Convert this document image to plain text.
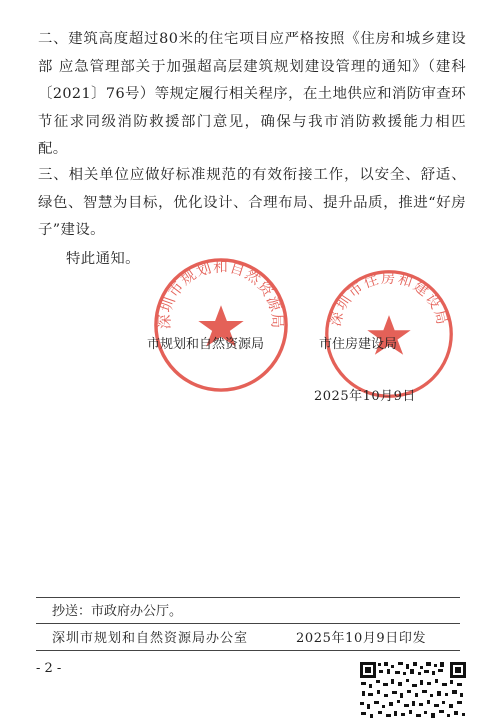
二、建筑高度超过80米的住宅项目应严格按照《住房和城乡建设部 应急管理部关于加强超高层建筑规划建设管理的通知》（建科〔2021〕76号）等规定履行相关程序，在土地供应和消防审查环节征求同级消防救援部门意见，确保与我市消防救援能力相匹配。

三、相关单位应做好标准规范的有效衔接工作，以安全、舒适、绿色、智慧为目标，优化设计、合理布局、提升品质，推进“好房子”建设。

特此通知。

深圳市规划和自然资源局	深圳市住房和建设局
市规划和自然资源局	市住房建设局
2025年10月9日
抄送：市政府办公厅。
深圳市规划和自然资源局办公室	2025年10月9日印发
- 2 -
